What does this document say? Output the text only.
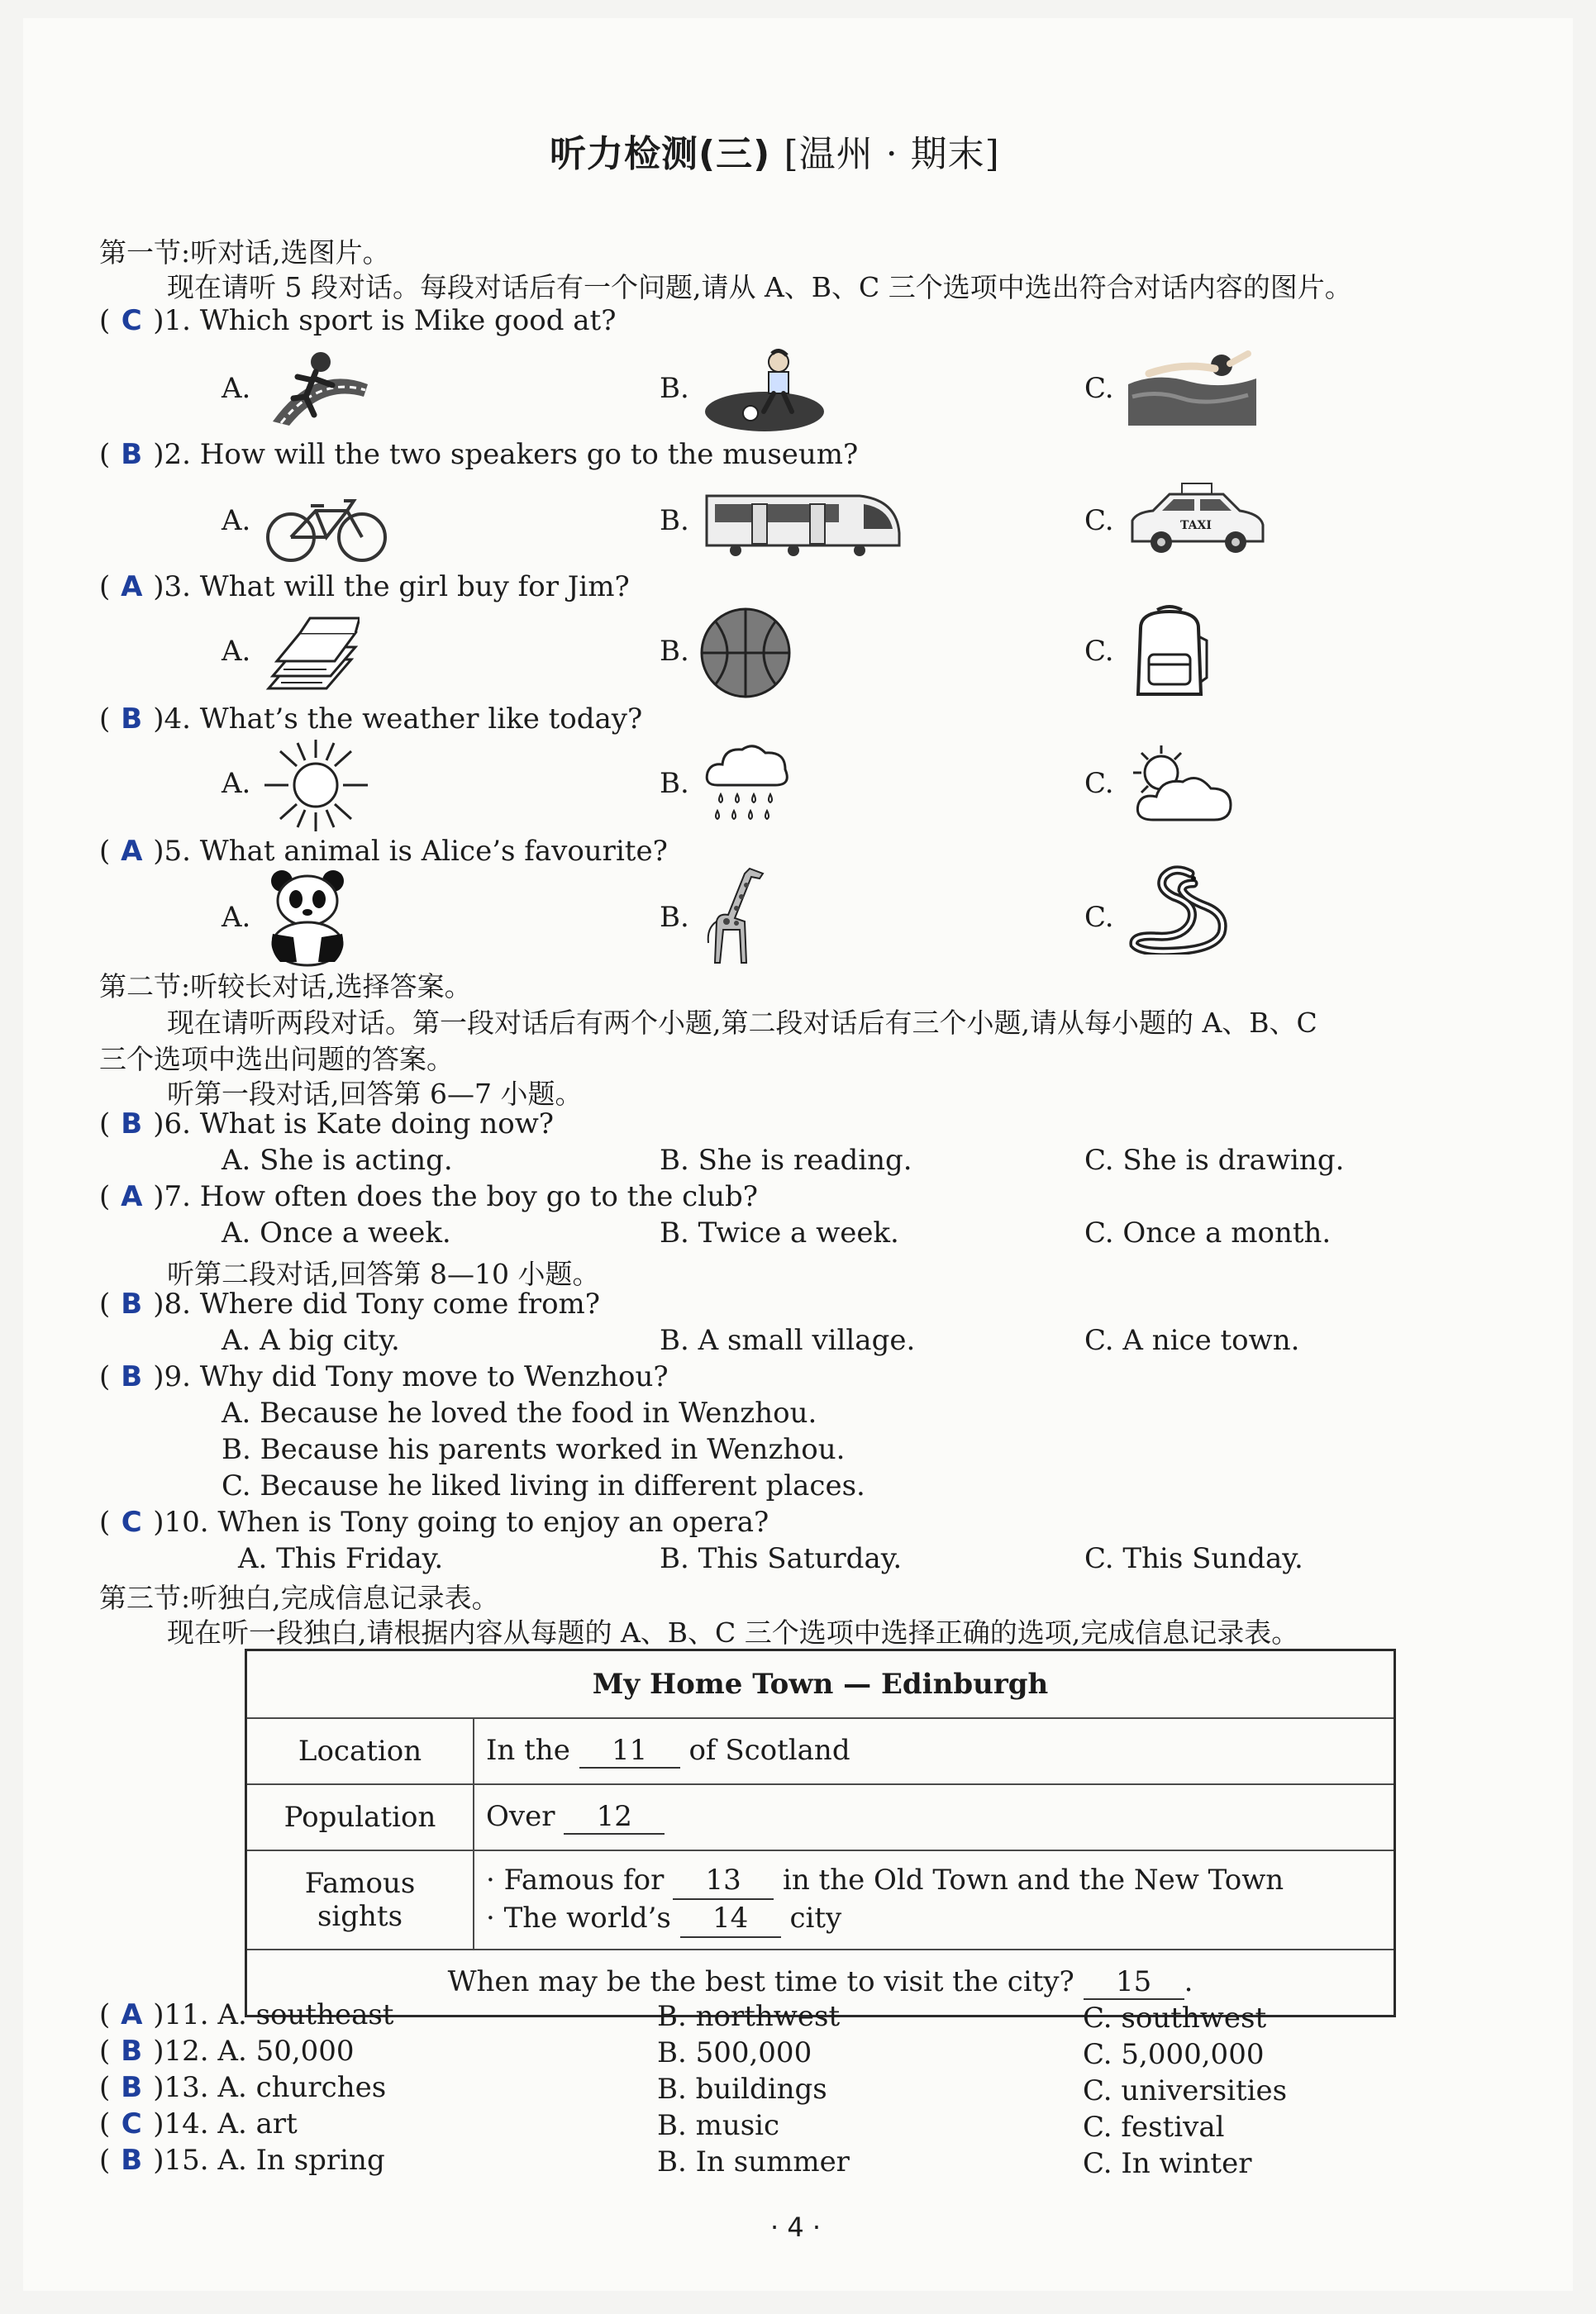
听力检测(三) [温州 · 期末]
第一节:听对话,选图片。
现在请听 5 段对话。每段对话后有一个问题,请从 A、B、C 三个选项中选出符合对话内容的图片。
( C )1. Which sport is Mike good at?
A.	B.	C.
( B )2. How will the two speakers go to the museum?
A.	B.	C.	TAXI
( A )3. What will the girl buy for Jim?
A.	B.	C.
( B )4. What’s the weather like today?
A.	B.	C.
( A )5. What animal is Alice’s favourite?
A.	B.	C.
第二节:听较长对话,选择答案。
现在请听两段对话。第一段对话后有两个小题,第二段对话后有三个小题,请从每小题的 A、B、C
三个选项中选出问题的答案。
听第一段对话,回答第 6—7 小题。
( B )6. What is Kate doing now?
A. She is acting.	B. She is reading.	C. She is drawing.
( A )7. How often does the boy go to the club?
A. Once a week.	B. Twice a week.	C. Once a month.
听第二段对话,回答第 8—10 小题。
( B )8. Where did Tony come from?
A. A big city.	B. A small village.	C. A nice town.
( B )9. Why did Tony move to Wenzhou?
A. Because he loved the food in Wenzhou.
B. Because his parents worked in Wenzhou.
C. Because he liked living in different places.
( C )10. When is Tony going to enjoy an opera?
A. This Friday.	B. This Saturday.	C. This Sunday.
第三节:听独白,完成信息记录表。
现在听一段独白,请根据内容从每题的 A、B、C 三个选项中选择正确的选项,完成信息记录表。
My Home Town — Edinburgh	
Location	In the 11 of Scotland
Population	Over 12
Famous sights	· Famous for 13 in the Old Town and the New Town
· The world’s 14 city

When may be the best time to visit the city? 15 .	
( A )11. A. southeast	B. northwest	C. southwest
( B )12. A. 50,000	B. 500,000	C. 5,000,000
( B )13. A. churches	B. buildings	C. universities
( C )14. A. art	B. music	C. festival
( B )15. A. In spring	B. In summer	C. In winter
· 4 ·
